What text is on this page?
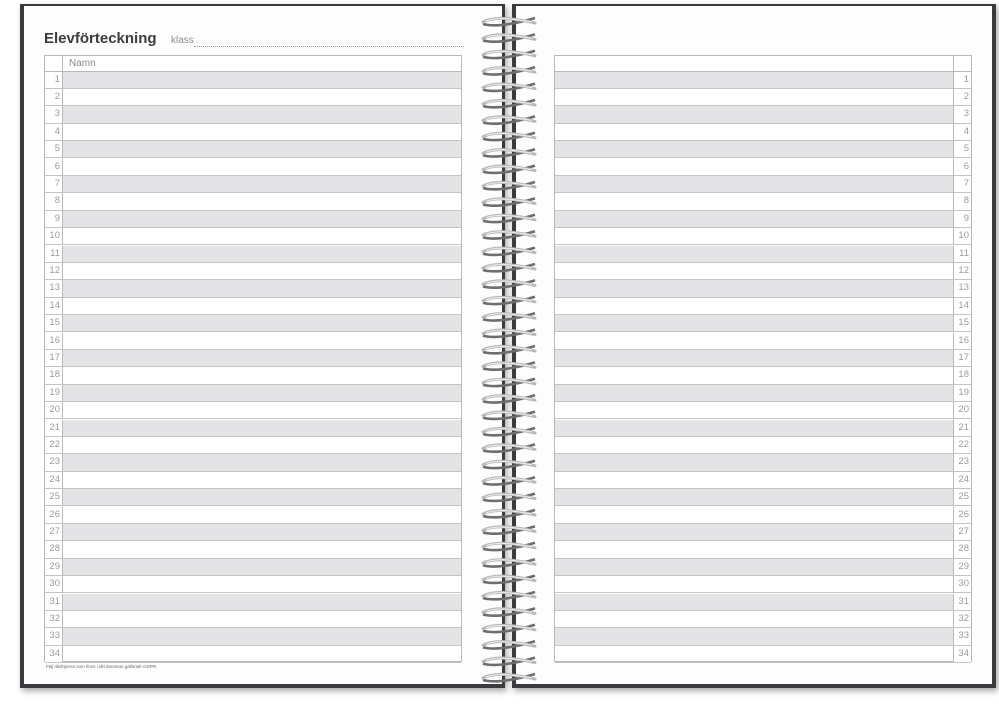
Elevförteckning klass
Namn
1
2
3
4
5
6
7
8
9
10
11
12
13
14
15
16
17
18
19
20
21
22
23
24
25
26
27
28
29
30
31
32
33
34
Följ riktlinjerna som finns i din kommun gällande GDPR.
1
2
3
4
5
6
7
8
9
10
11
12
13
14
15
16
17
18
19
20
21
22
23
24
25
26
27
28
29
30
31
32
33
34
